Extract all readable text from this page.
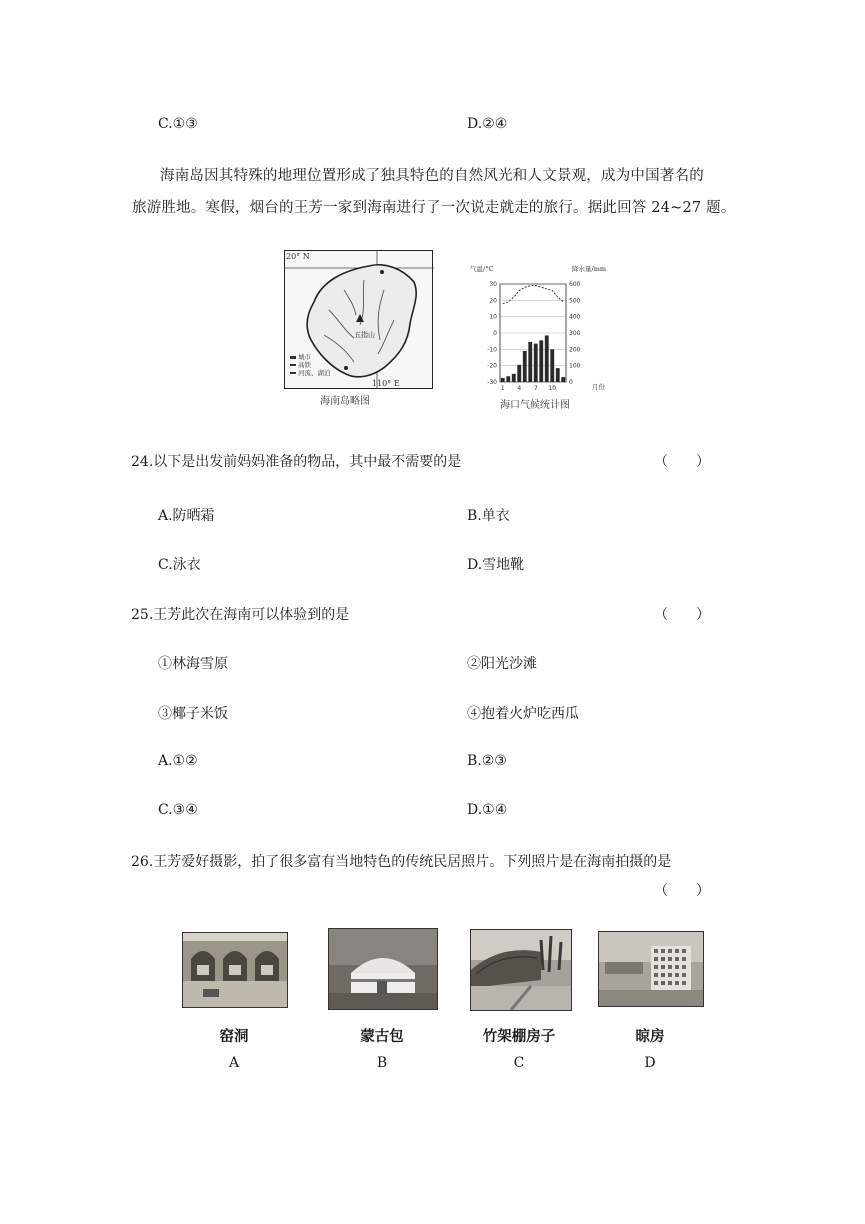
C.①③	D.②④
海南岛因其特殊的地理位置形成了独具特色的自然风光和人文景观，成为中国著名的
旅游胜地。寒假，烟台的王芳一家到海南进行了一次说走就走的旅行。据此回答 24~27 题。
20° N
110° E
五指山
城市
高铁
河流、湖泊
海南岛略图
气温/°C	降水量/mm
30
20
10
0
-10
-20
-30
600
500
400
300
200
100
0
1 4 7 10	月份
海口气候统计图
24.以下是出发前妈妈准备的物品，其中最不需要的是	（　　）
A.防晒霜	B.单衣
C.泳衣	D.雪地靴
25.王芳此次在海南可以体验到的是	（　　）
①林海雪原	②阳光沙滩
③椰子米饭	④抱着火炉吃西瓜
A.①②	B.②③
C.③④	D.①④
26.王芳爱好摄影，拍了很多富有当地特色的传统民居照片。下列照片是在海南拍摄的是
（　　）
窑洞
A
蒙古包
B
竹架棚房子
C
晾房
D
